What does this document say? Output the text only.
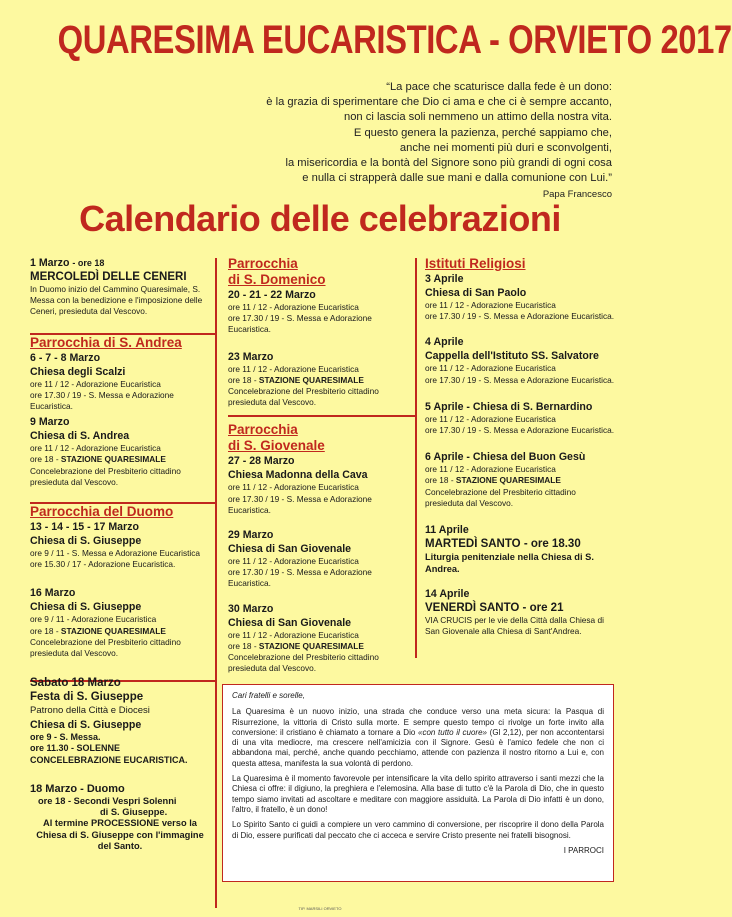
QUARESIMA EUCARISTICA - ORVIETO 2017

“La pace che scaturisce dalla fede è un dono:

è la grazia di sperimentare che Dio ci ama e che ci è sempre accanto,

non ci lascia soli nemmeno un attimo della nostra vita.

E questo genera la pazienza, perché sappiamo che,

anche nei momenti più duri e sconvolgenti,

la misericordia e la bontà del Signore sono più grandi di ogni cosa

e nulla ci strapperà dalle sue mani e dalla comunione con Lui.”

Papa Francesco

Calendario delle celebrazioni

1 Marzo - ore 18

MERCOLEDÌ DELLE CENERI

In Duomo inizio del Cammino Quaresimale, S. Messa con la benedizione e l'imposizione delle Ceneri, presieduta dal Vescovo.

Parrocchia di S. Andrea

6 - 7 - 8 Marzo

Chiesa degli Scalzi

ore 11 / 12 - Adorazione Eucaristica

ore 17.30 / 19 - S. Messa e Adorazione Eucaristica.

9 Marzo

Chiesa di S. Andrea

ore 11 / 12 - Adorazione Eucaristica

ore 18 - STAZIONE QUARESIMALE

Concelebrazione del Presbiterio cittadino presieduta dal Vescovo.

Parrocchia del Duomo

13 - 14 - 15 - 17 Marzo

Chiesa di S. Giuseppe

ore 9 / 11 - S. Messa e Adorazione Eucaristica

ore 15.30 / 17 - Adorazione Eucaristica.

16 Marzo

Chiesa di S. Giuseppe

ore 9 / 11 - Adorazione Eucaristica

ore 18 - STAZIONE QUARESIMALE

Concelebrazione del Presbiterio cittadino presieduta dal Vescovo.

Sabato 18 Marzo

Festa di S. Giuseppe

Patrono della Città e Diocesi

Chiesa di S. Giuseppe

ore 9 - S. Messa.

ore 11.30 - SOLENNE

CONCELEBRAZIONE EUCARISTICA.

18 Marzo - Duomo

ore 18 - Secondi Vespri Solenni

di S. Giuseppe.

Al termine PROCESSIONE verso la Chiesa di S. Giuseppe con l'immagine del Santo.

Parrocchia

di S. Domenico

20 - 21 - 22 Marzo

ore 11 / 12 - Adorazione Eucaristica

ore 17.30 / 19 - S. Messa e Adorazione Eucaristica.

23 Marzo

ore 11 / 12 - Adorazione Eucaristica

ore 18 - STAZIONE QUARESIMALE

Concelebrazione del Presbiterio cittadino presieduta dal Vescovo.

Parrocchia

di S. Giovenale

27 - 28 Marzo

Chiesa Madonna della Cava

ore 11 / 12 - Adorazione Eucaristica

ore 17.30 / 19 - S. Messa e Adorazione Eucaristica.

29 Marzo

Chiesa di San Giovenale

ore 11 / 12 - Adorazione Eucaristica

ore 17.30 / 19 - S. Messa e Adorazione Eucaristica.

30 Marzo

Chiesa di San Giovenale

ore 11 / 12 - Adorazione Eucaristica

ore 18 - STAZIONE QUARESIMALE

Concelebrazione del Presbiterio cittadino presieduta dal Vescovo.

Istituti Religiosi

3 Aprile

Chiesa di San Paolo

ore 11 / 12 - Adorazione Eucaristica

ore 17.30 / 19 - S. Messa e Adorazione Eucaristica.

4 Aprile

Cappella dell'Istituto SS. Salvatore

ore 11 / 12 - Adorazione Eucaristica

ore 17.30 / 19 - S. Messa e Adorazione Eucaristica.

5 Aprile - Chiesa di S. Bernardino

ore 11 / 12 - Adorazione Eucaristica

ore 17.30 / 19 - S. Messa e Adorazione Eucaristica.

6 Aprile - Chiesa del Buon Gesù

ore 11 / 12 - Adorazione Eucaristica

ore 18 - STAZIONE QUARESIMALE

Concelebrazione del Presbiterio cittadino presieduta dal Vescovo.

11 Aprile

MARTEDÌ SANTO - ore 18.30

Liturgia penitenziale nella Chiesa di S. Andrea.

14 Aprile

VENERDÌ SANTO - ore 21

VIA CRUCIS per le vie della Città dalla Chiesa di San Giovenale alla Chiesa di Sant'Andrea.

Cari fratelli e sorelle,

La Quaresima è un nuovo inizio, una strada che conduce verso una meta sicura: la Pasqua di Risurrezione, la vittoria di Cristo sulla morte. E sempre questo tempo ci rivolge un forte invito alla conversione: il cristiano è chiamato a tornare a Dio «con tutto il cuore» (Gl 2,12), per non accontentarsi di una vita mediocre, ma crescere nell'amicizia con il Signore. Gesù è l'amico fedele che non ci abbandona mai, perché, anche quando pecchiamo, attende con pazienza il nostro ritorno a Lui e, con questa attesa, manifesta la sua volontà di perdono.

La Quaresima è il momento favorevole per intensificare la vita dello spirito attraverso i santi mezzi che la Chiesa ci offre: il digiuno, la preghiera e l'elemosina. Alla base di tutto c'è la Parola di Dio, che in questo tempo siamo invitati ad ascoltare e meditare con maggiore assiduità. La Parola di Dio infatti è un dono, l'altro, il fratello, è un dono!

Lo Spirito Santo ci guidi a compiere un vero cammino di conversione, per riscoprire il dono della Parola di Dio, essere purificati dal peccato che ci acceca e servire Cristo presente nei fratelli bisognosi.

I PARROCI

TIP. MARSILI ORVIETO
